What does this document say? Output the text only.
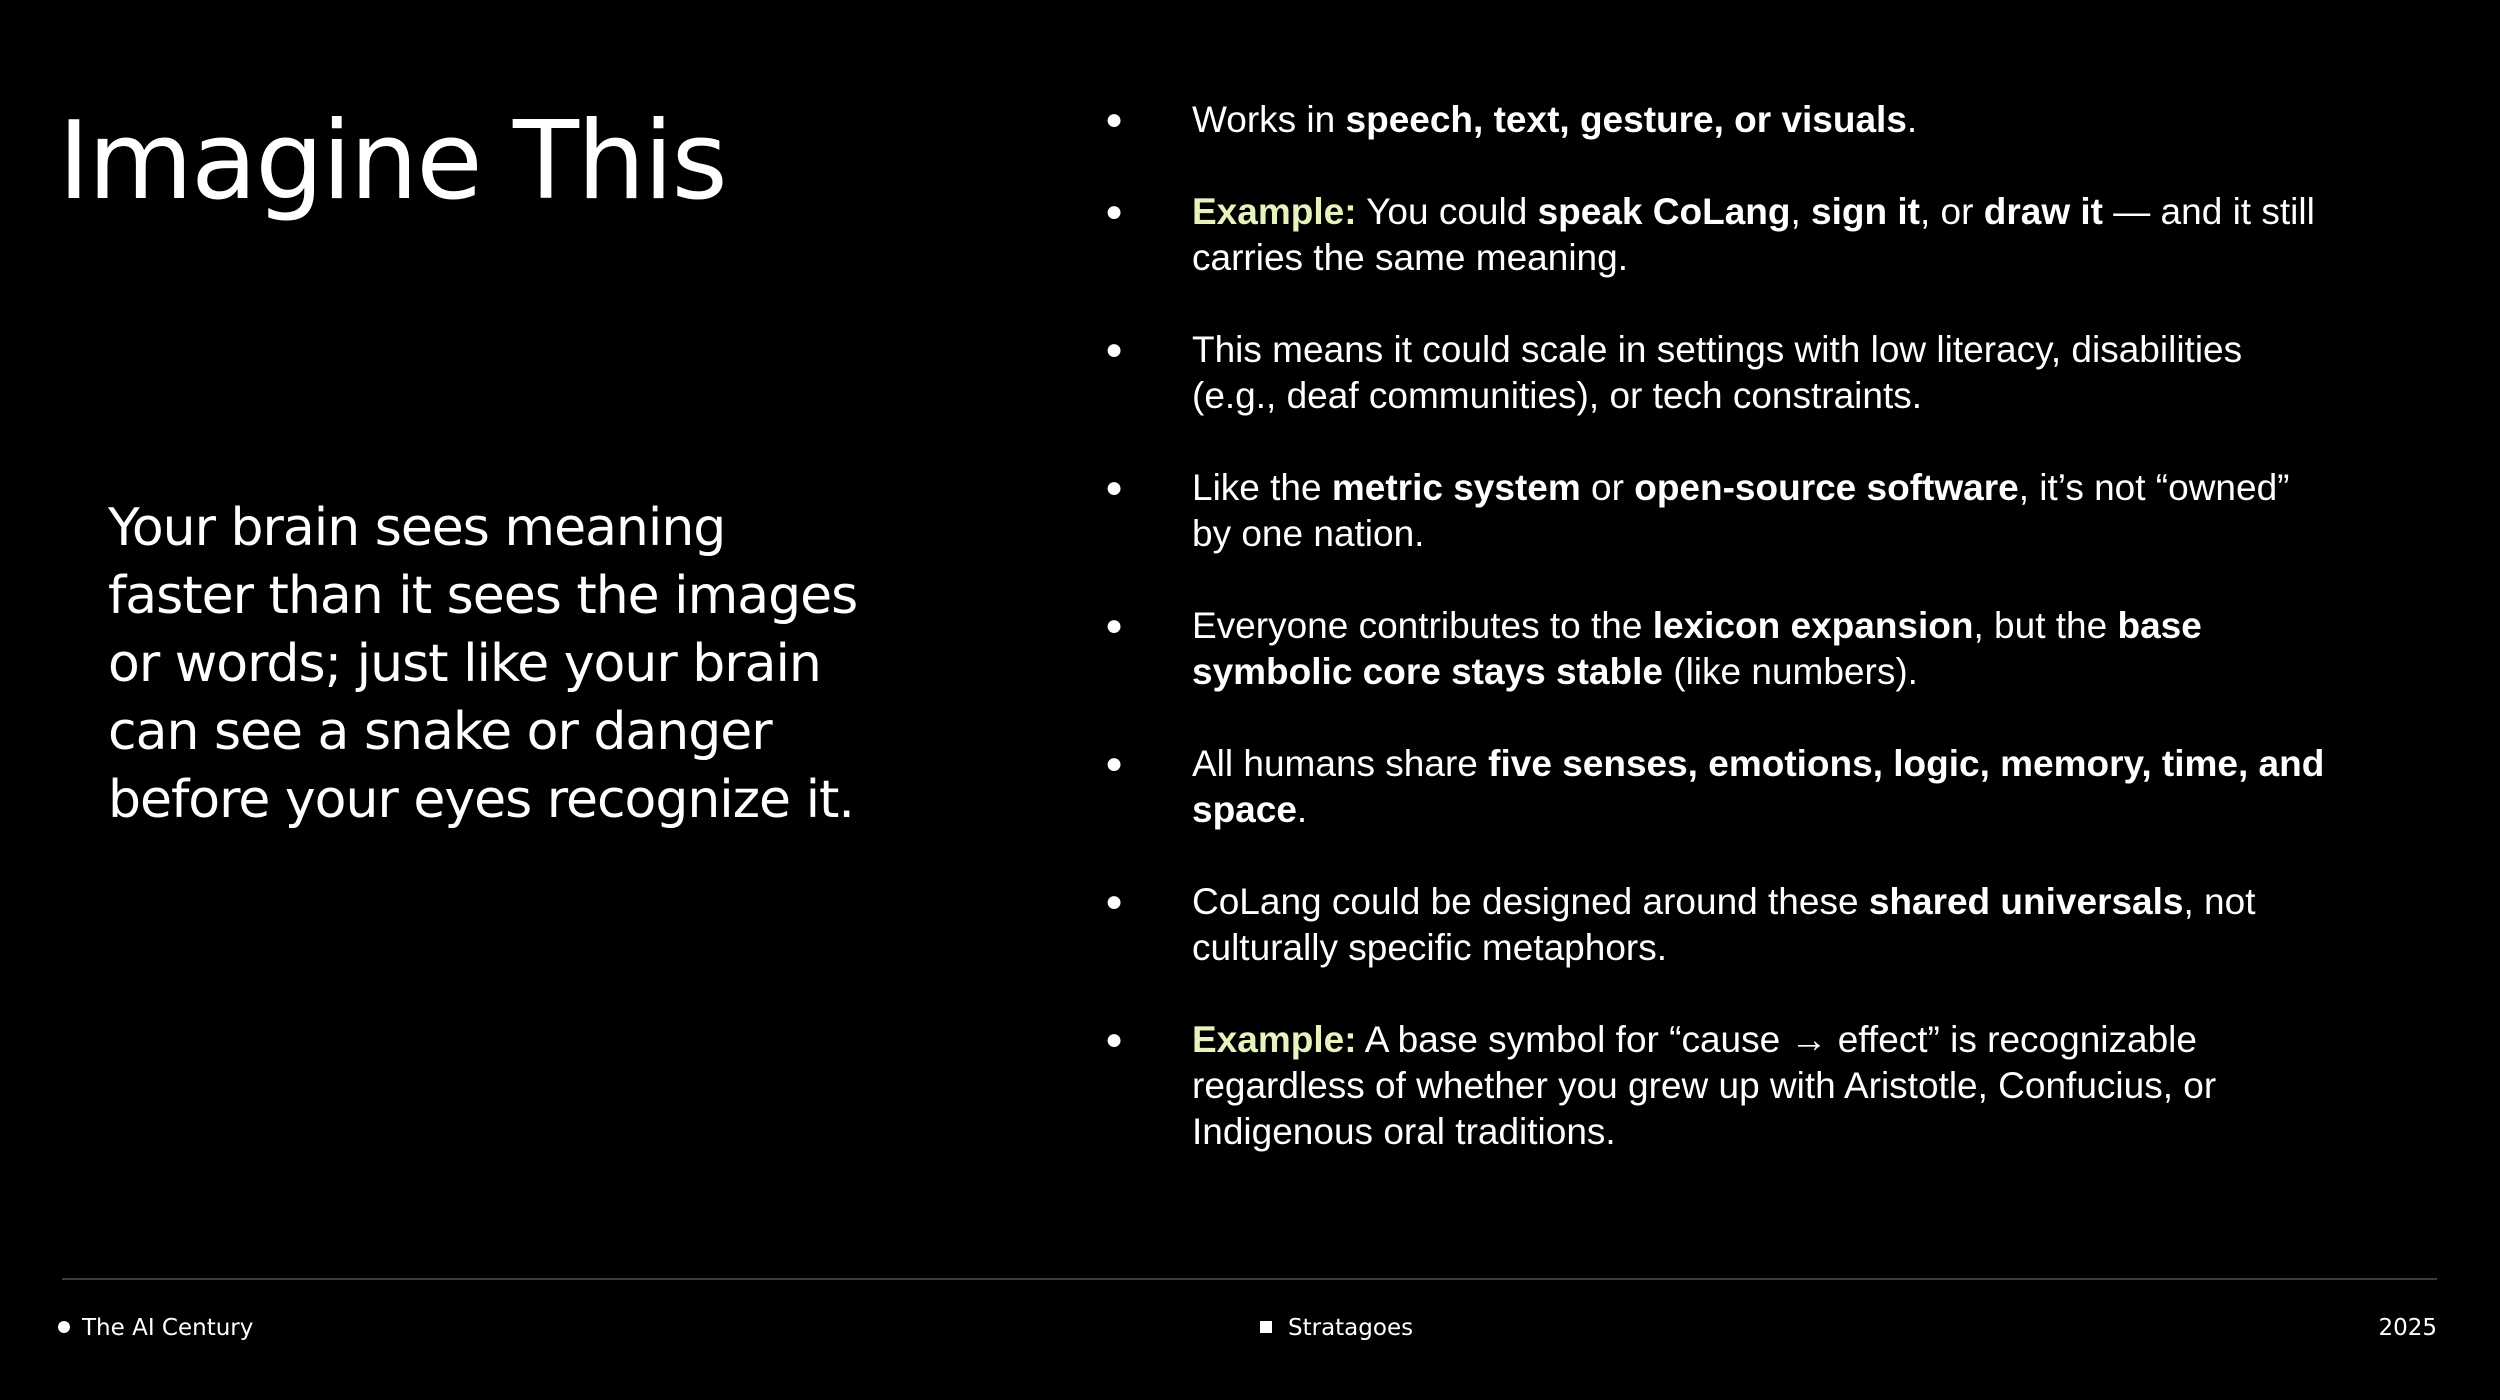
Imagine This

Your brain sees meaning faster than it sees the images or words; just like your brain can see a snake or danger before your eyes recognize it.

●	Works in speech, text, gesture, or visuals.
●	Example: You could speak CoLang, sign it, or draw it — and it still carries the same meaning.
●	This means it could scale in settings with low literacy, disabilities (e.g., deaf communities), or tech constraints.
●	Like the metric system or open-source software, it’s not “owned” by one nation.
●	Everyone contributes to the lexicon expansion, but the base symbolic core stays stable (like numbers).
●	All humans share five senses, emotions, logic, memory, time, and space.
●	CoLang could be designed around these shared universals, not culturally specific metaphors.
●	Example: A base symbol for “cause → effect” is recognizable regardless of whether you grew up with Aristotle, Confucius, or Indigenous oral traditions.
The AI Century	Stratagoes	2025
